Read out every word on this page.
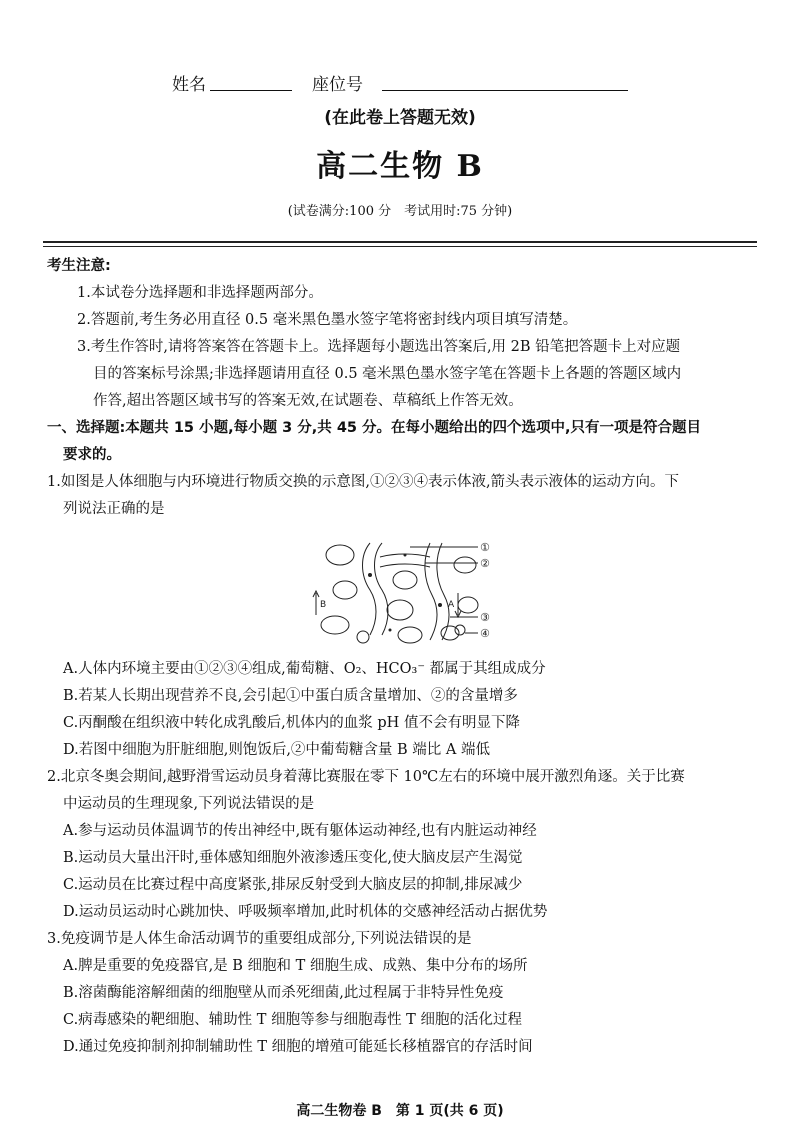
姓名	座位号
(在此卷上答题无效)
高二生物 B
(试卷满分:100 分　考试用时:75 分钟)
考生注意:
1.本试卷分选择题和非选择题两部分。
2.答题前,考生务必用直径 0.5 毫米黑色墨水签字笔将密封线内项目填写清楚。
3.考生作答时,请将答案答在答题卡上。选择题每小题选出答案后,用 2B 铅笔把答题卡上对应题
目的答案标号涂黑;非选择题请用直径 0.5 毫米黑色墨水签字笔在答题卡上各题的答题区域内
作答,超出答题区域书写的答案无效,在试题卷、草稿纸上作答无效。
一、选择题:本题共 15 小题,每小题 3 分,共 45 分。在每小题给出的四个选项中,只有一项是符合题目
要求的。
1.如图是人体细胞与内环境进行物质交换的示意图,①②③④表示体液,箭头表示液体的运动方向。下
列说法正确的是
①
②
③
④
B	A
A.人体内环境主要由①②③④组成,葡萄糖、O₂、HCO₃⁻ 都属于其组成成分
B.若某人长期出现营养不良,会引起①中蛋白质含量增加、②的含量增多
C.丙酮酸在组织液中转化成乳酸后,机体内的血浆 pH 值不会有明显下降
D.若图中细胞为肝脏细胞,则饱饭后,②中葡萄糖含量 B 端比 A 端低
2.北京冬奥会期间,越野滑雪运动员身着薄比赛服在零下 10℃左右的环境中展开激烈角逐。关于比赛
中运动员的生理现象,下列说法错误的是
A.参与运动员体温调节的传出神经中,既有躯体运动神经,也有内脏运动神经
B.运动员大量出汗时,垂体感知细胞外液渗透压变化,使大脑皮层产生渴觉
C.运动员在比赛过程中高度紧张,排尿反射受到大脑皮层的抑制,排尿减少
D.运动员运动时心跳加快、呼吸频率增加,此时机体的交感神经活动占据优势
3.免疫调节是人体生命活动调节的重要组成部分,下列说法错误的是
A.脾是重要的免疫器官,是 B 细胞和 T 细胞生成、成熟、集中分布的场所
B.溶菌酶能溶解细菌的细胞壁从而杀死细菌,此过程属于非特异性免疫
C.病毒感染的靶细胞、辅助性 T 细胞等参与细胞毒性 T 细胞的活化过程
D.通过免疫抑制剂抑制辅助性 T 细胞的增殖可能延长移植器官的存活时间
高二生物卷 B　第 1 页(共 6 页)
